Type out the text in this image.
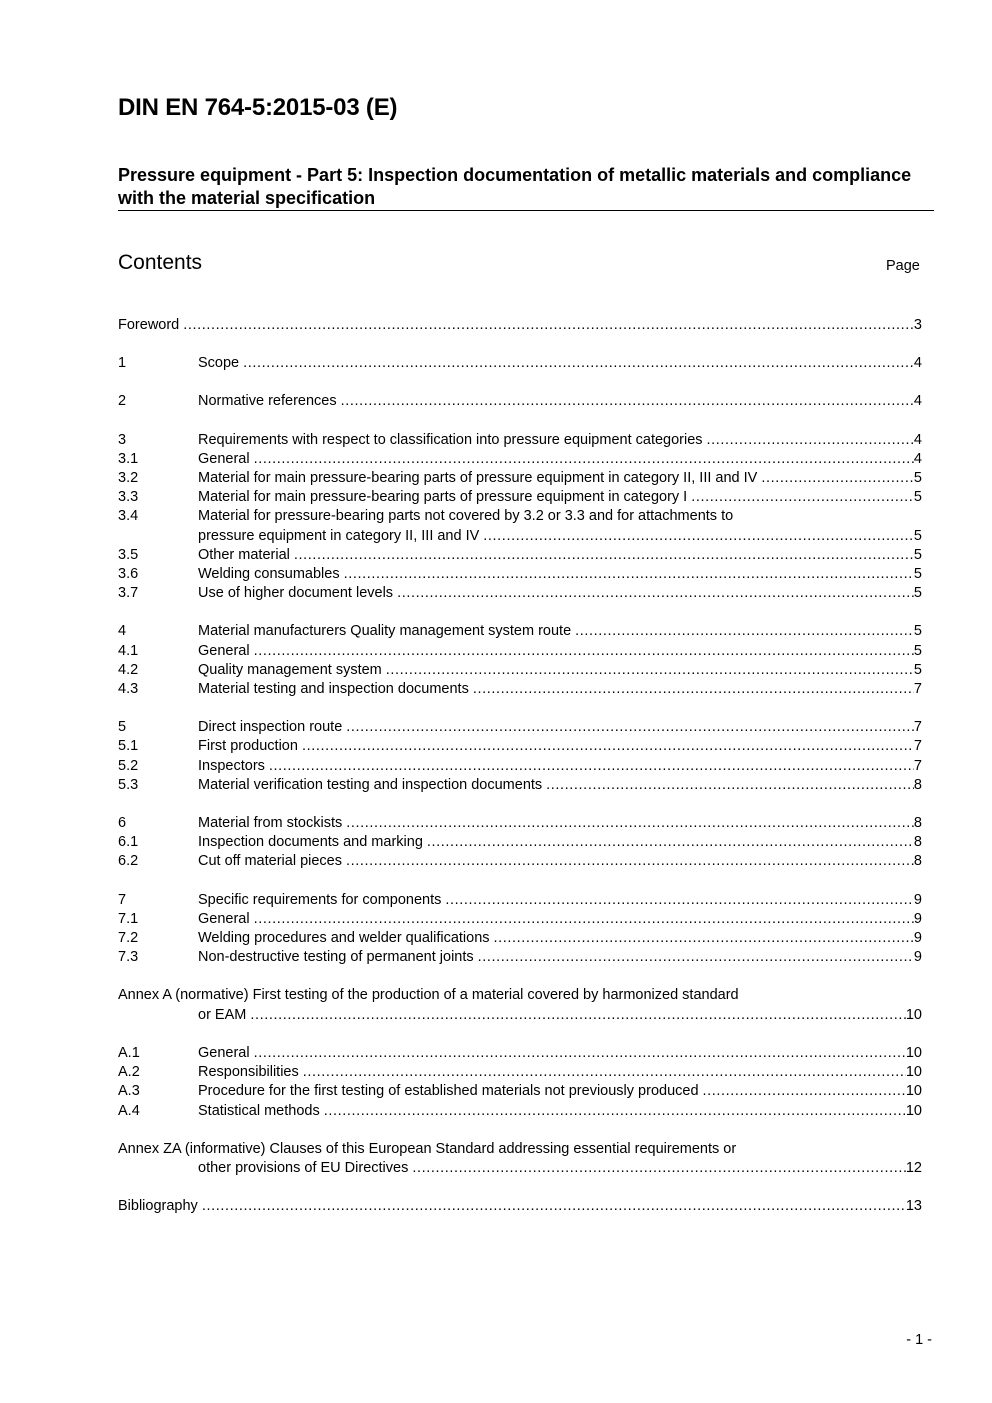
DIN EN 764-5:2015-03 (E)
Pressure equipment - Part 5: Inspection documentation of metallic materials and compliance with the material specification
Contents	Page
Foreword .....	3
1	Scope .....	4
2	Normative references .....	4
3	Requirements with respect to classification into pressure equipment categories .....	4
3.1	General .....	4
3.2	Material for main pressure-bearing parts of pressure equipment in category II, III and IV .....	5
3.3	Material for main pressure-bearing parts of pressure equipment in category I .....	5
3.4	Material for pressure-bearing parts not covered by 3.2 or 3.3 and for attachments to
pressure equipment in category II, III and IV .....	5
3.5	Other material .....	5
3.6	Welding consumables .....	5
3.7	Use of higher document levels .....	5
4	Material manufacturers Quality management system route .....	5
4.1	General .....	5
4.2	Quality management system .....	5
4.3	Material testing and inspection documents .....	7
5	Direct inspection route .....	7
5.1	First production .....	7
5.2	Inspectors .....	7
5.3	Material verification testing and inspection documents .....	8
6	Material from stockists .....	8
6.1	Inspection documents and marking .....	8
6.2	Cut off material pieces .....	8
7	Specific requirements for components .....	9
7.1	General .....	9
7.2	Welding procedures and welder qualifications .....	9
7.3	Non-destructive testing of permanent joints .....	9
Annex A (normative) First testing of the production of a material covered by harmonized standard
or EAM .....	10
A.1	General .....	10
A.2	Responsibilities .....	10
A.3	Procedure for the first testing of established materials not previously produced .....	10
A.4	Statistical methods .....	10
Annex ZA (informative) Clauses of this European Standard addressing essential requirements or
other provisions of EU Directives .....	12
Bibliography .....	13
- 1 -
